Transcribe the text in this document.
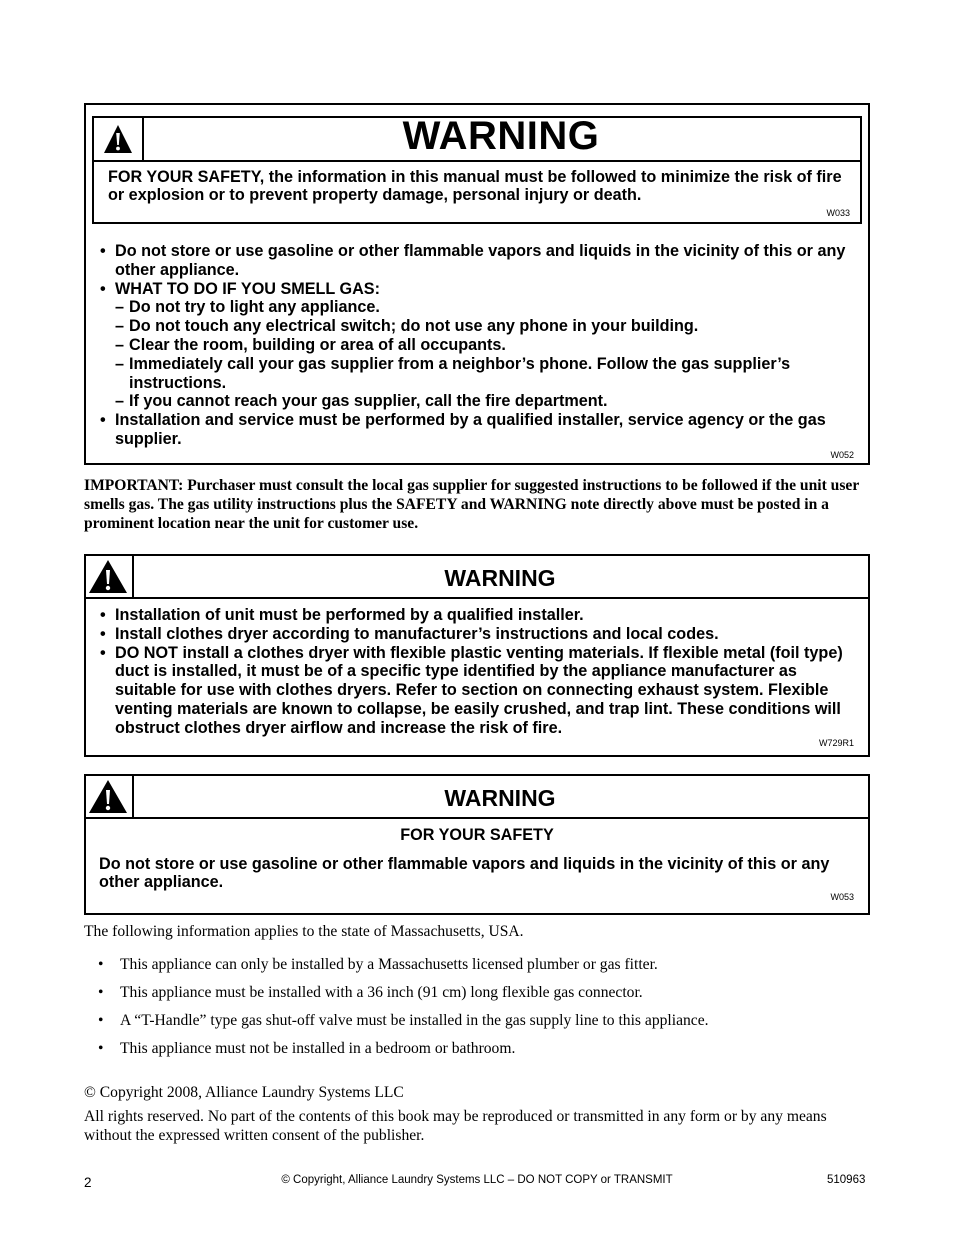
WARNING
FOR YOUR SAFETY, the information in this manual must be followed to minimize the risk of fire or explosion or to prevent property damage, personal injury or death.
W033
• Do not store or use gasoline or other flammable vapors and liquids in the vicinity of this or any other appliance.
• WHAT TO DO IF YOU SMELL GAS:
– Do not try to light any appliance.
– Do not touch any electrical switch; do not use any phone in your building.
– Clear the room, building or area of all occupants.
– Immediately call your gas supplier from a neighbor’s phone. Follow the gas supplier’s instructions.
– If you cannot reach your gas supplier, call the fire department.
• Installation and service must be performed by a qualified installer, service agency or the gas supplier.
W052
IMPORTANT: Purchaser must consult the local gas supplier for suggested instructions to be followed if the unit user smells gas. The gas utility instructions plus the SAFETY and WARNING note directly above must be posted in a prominent location near the unit for customer use.
WARNING
• Installation of unit must be performed by a qualified installer.
• Install clothes dryer according to manufacturer’s instructions and local codes.
• DO NOT install a clothes dryer with flexible plastic venting materials. If flexible metal (foil type) duct is installed, it must be of a specific type identified by the appliance manufacturer as suitable for use with clothes dryers. Refer to section on connecting exhaust system. Flexible venting materials are known to collapse, be easily crushed, and trap lint. These conditions will obstruct clothes dryer airflow and increase the risk of fire.
W729R1
WARNING
FOR YOUR SAFETY
Do not store or use gasoline or other flammable vapors and liquids in the vicinity of this or any other appliance.
W053
The following information applies to the state of Massachusetts, USA.
• This appliance can only be installed by a Massachusetts licensed plumber or gas fitter.
• This appliance must be installed with a 36 inch (91 cm) long flexible gas connector.
• A “T-Handle” type gas shut-off valve must be installed in the gas supply line to this appliance.
• This appliance must not be installed in a bedroom or bathroom.
© Copyright 2008, Alliance Laundry Systems LLC
All rights reserved. No part of the contents of this book may be reproduced or transmitted in any form or by any means without the expressed written consent of the publisher.
2	© Copyright, Alliance Laundry Systems LLC – DO NOT COPY or TRANSMIT	510963
